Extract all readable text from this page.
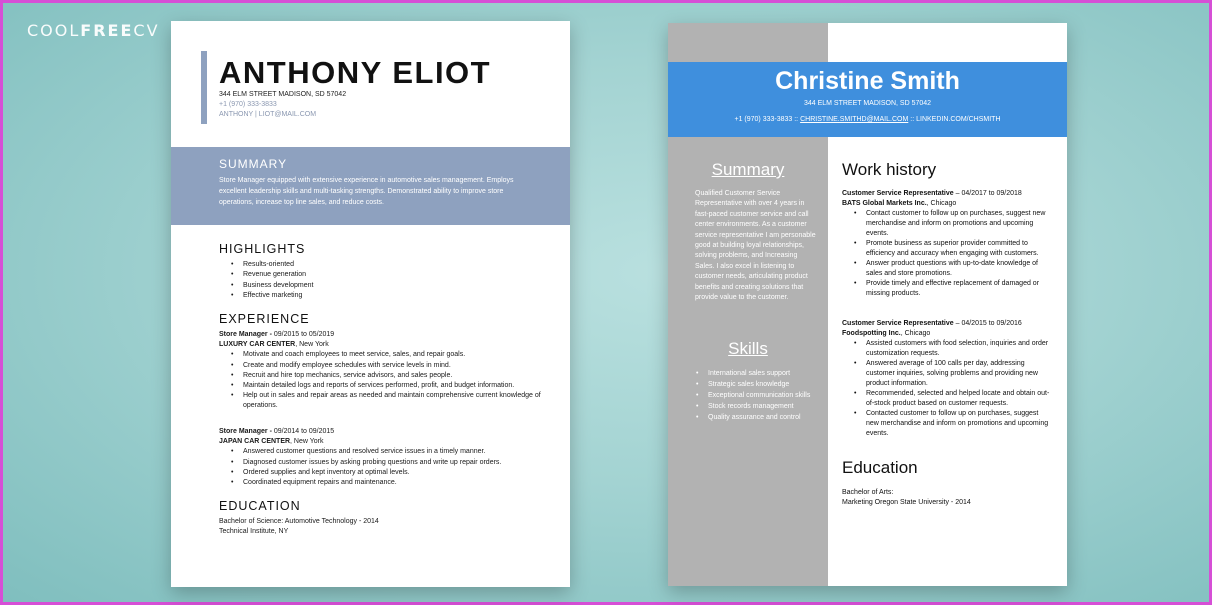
COOLFREECV
ANTHONY ELIOT
344 ELM STREET MADISON, SD 57042
+1 (970) 333-3833
ANTHONY | LIOT@MAIL.COM
SUMMARY

Store Manager equipped with extensive experience in automotive sales management. Employs excellent leadership skills and multi-tasking strengths. Demonstrated ability to improve store operations, increase top line sales, and reduce costs.

HIGHLIGHTS
• Results-oriented
• Revenue generation
• Business development
• Effective marketing
EXPERIENCE
Store Manager - 09/2015 to 05/2019
LUXURY CAR CENTER, New York
• Motivate and coach employees to meet service, sales, and repair goals.
• Create and modify employee schedules with service levels in mind.
• Recruit and hire top mechanics, service advisors, and sales people.
• Maintain detailed logs and reports of services performed, profit, and budget information.
• Help out in sales and repair areas as needed and maintain comprehensive current knowledge of operations.
Store Manager - 09/2014 to 09/2015
JAPAN CAR CENTER, New York
• Answered customer questions and resolved service issues in a timely manner.
• Diagnosed customer issues by asking probing questions and write up repair orders.
• Ordered supplies and kept inventory at optimal levels.
• Coordinated equipment repairs and maintenance.
EDUCATION
Bachelor of Science: Automotive Technology - 2014
Technical Institute, NY
Christine Smith
344 ELM STREET MADISON, SD 57042
+1 (970) 333-3833 :: CHRISTINE.SMITHD@MAIL.COM :: LINKEDIN.COM/CHSMITH
Summary
Qualified Customer Service Representative with over 4 years in fast-paced customer service and call center environments. As a customer service representative I am personable good at building loyal relationships, solving problems, and Increasing Sales. I also excel in listening to customer needs, articulating product benefits and creating solutions that provide value to the customer.
Skills
• International sales support
• Strategic sales knowledge
• Exceptional communication skills
• Stock records management
• Quality assurance and control
Work history
Customer Service Representative – 04/2017 to 09/2018
BATS Global Markets Inc., Chicago
• Contact customer to follow up on purchases, suggest new merchandise and inform on promotions and upcoming events.
• Promote business as superior provider committed to efficiency and accuracy when engaging with customers.
• Answer product questions with up-to-date knowledge of sales and store promotions.
• Provide timely and effective replacement of damaged or missing products.
Customer Service Representative – 04/2015 to 09/2016
Foodspotting Inc., Chicago
• Assisted customers with food selection, inquiries and order customization requests.
• Answered average of 100 calls per day, addressing customer inquiries, solving problems and providing new product information.
• Recommended, selected and helped locate and obtain out-of-stock product based on customer requests.
• Contacted customer to follow up on purchases, suggest new merchandise and inform on promotions and upcoming events.
Education
Bachelor of Arts:
Marketing Oregon State University - 2014
